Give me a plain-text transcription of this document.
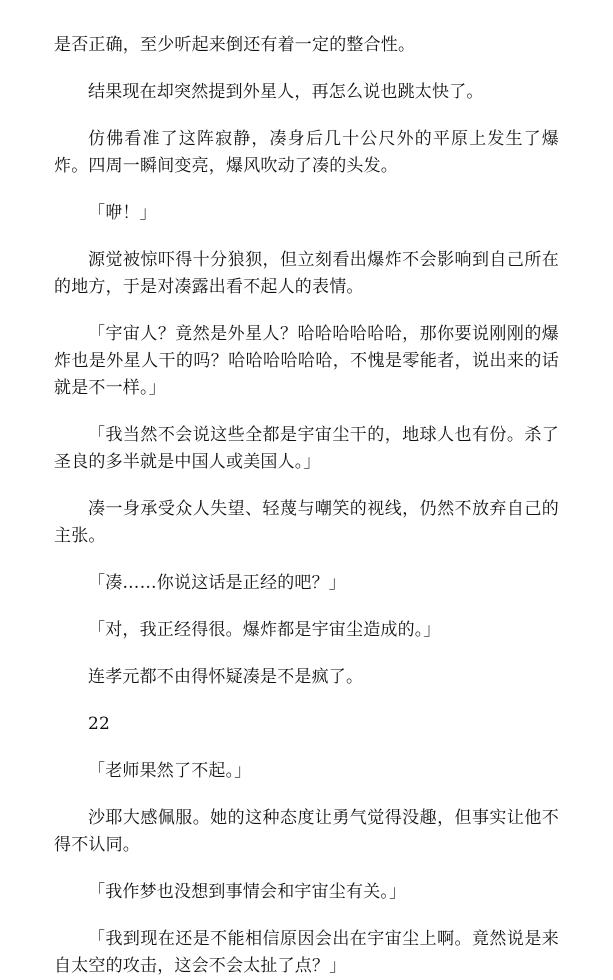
是否正确，至少听起来倒还有着一定的整合性。

结果现在却突然提到外星人，再怎么说也跳太快了。

仿佛看准了这阵寂静，凑身后几十公尺外的平原上发生了爆炸。四周一瞬间变亮，爆风吹动了凑的头发。

「咿！」

源觉被惊吓得十分狼狈，但立刻看出爆炸不会影响到自己所在的地方，于是对凑露出看不起人的表情。

「宇宙人？竟然是外星人？哈哈哈哈哈哈，那你要说刚刚的爆炸也是外星人干的吗？哈哈哈哈哈哈，不愧是零能者，说出来的话就是不一样。」

「我当然不会说这些全都是宇宙尘干的，地球人也有份。杀了圣良的多半就是中国人或美国人。」

凑一身承受众人失望、轻蔑与嘲笑的视线，仍然不放弃自己的主张。

「凑……你说这话是正经的吧？」

「对，我正经得很。爆炸都是宇宙尘造成的。」

连孝元都不由得怀疑凑是不是疯了。

22

「老师果然了不起。」

沙耶大感佩服。她的这种态度让勇气觉得没趣，但事实让他不得不认同。

「我作梦也没想到事情会和宇宙尘有关。」

「我到现在还是不能相信原因会出在宇宙尘上啊。竟然说是来自太空的攻击，这会不会太扯了点？」
